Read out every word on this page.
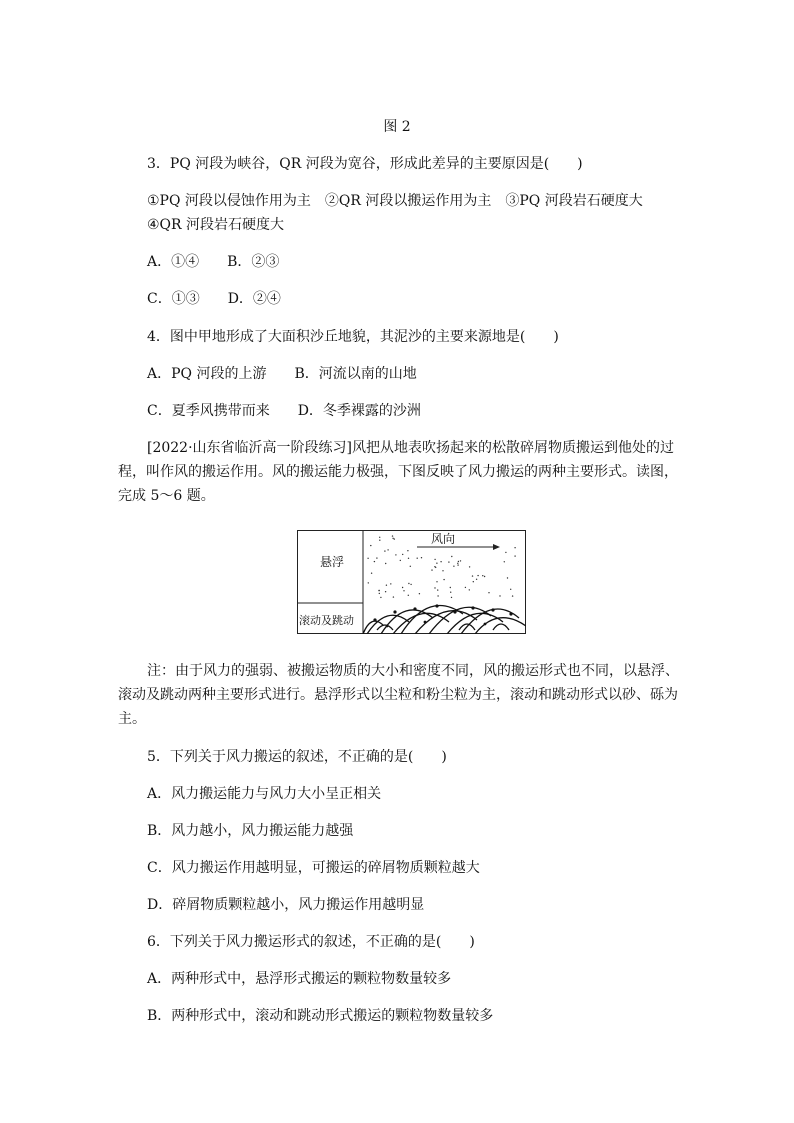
图 2
3．PQ 河段为峡谷，QR 河段为宽谷，形成此差异的主要原因是(　　)
①PQ 河段以侵蚀作用为主　②QR 河段以搬运作用为主　③PQ 河段岩石硬度大
④QR 河段岩石硬度大
A．①④　　B．②③
C．①③　　D．②④
4．图中甲地形成了大面积沙丘地貌，其泥沙的主要来源地是(　　)
A．PQ 河段的上游　　B．河流以南的山地
C．夏季风携带而来　　D．冬季裸露的沙洲
[2022·山东省临沂高一阶段练习]风把从地表吹扬起来的松散碎屑物质搬运到他处的过
程，叫作风的搬运作用。风的搬运能力极强，下图反映了风力搬运的两种主要形式。读图，
完成 5～6 题。
悬浮
滚动及跳动
风向
注：由于风力的强弱、被搬运物质的大小和密度不同，风的搬运形式也不同，以悬浮、
滚动及跳动两种主要形式进行。悬浮形式以尘粒和粉尘粒为主，滚动和跳动形式以砂、砾为
主。
5．下列关于风力搬运的叙述，不正确的是(　　)
A．风力搬运能力与风力大小呈正相关
B．风力越小，风力搬运能力越强
C．风力搬运作用越明显，可搬运的碎屑物质颗粒越大
D．碎屑物质颗粒越小，风力搬运作用越明显
6．下列关于风力搬运形式的叙述，不正确的是(　　)
A．两种形式中，悬浮形式搬运的颗粒物数量较多
B．两种形式中，滚动和跳动形式搬运的颗粒物数量较多
